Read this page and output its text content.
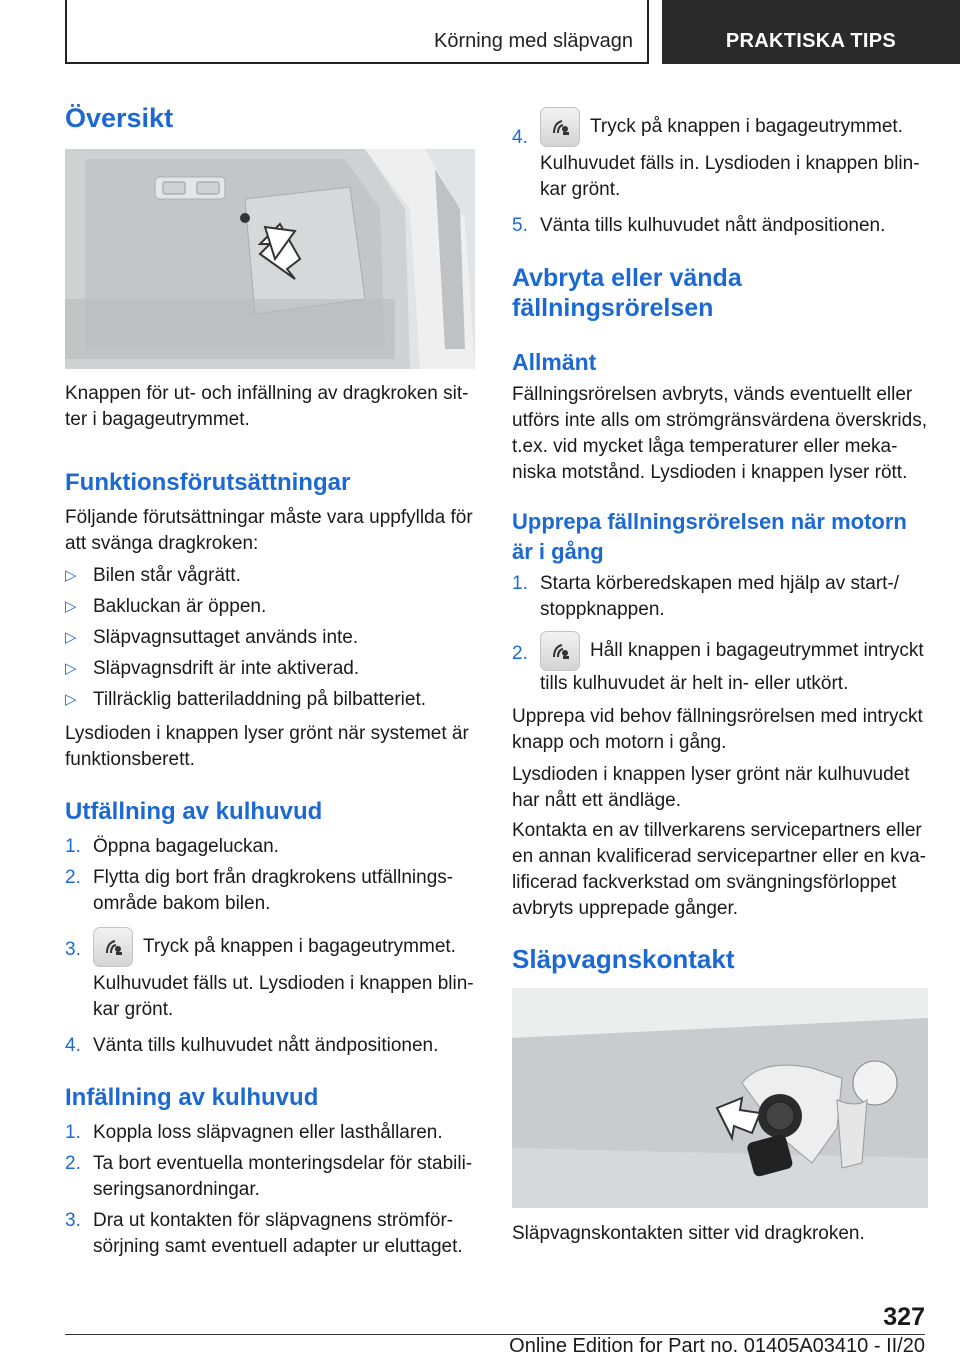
Körning med släpvagn	PRAKTISKA TIPS
Översikt

Knappen för ut- och infällning av dragkroken sit-ter i bagageutrymmet.

Funktionsförutsättningar

Följande förutsättningar måste vara uppfyllda för att svänga dragkroken:

▷ Bilen står vågrätt.
▷ Bakluckan är öppen.
▷ Släpvagnsuttaget används inte.
▷ Släpvagnsdrift är inte aktiverad.
▷ Tillräcklig batteriladdning på bilbatteriet.

Lysdioden i knappen lyser grönt när systemet är funktionsberett.

Utfällning av kulhuvud
1. Öppna bagageluckan.
2. Flytta dig bort från dragkrokens utfällnings-område bakom bilen.
3.	Tryck på knappen i bagageutrymmet.
Kulhuvudet fälls ut. Lysdioden i knappen blin-kar grönt.
4. Vänta tills kulhuvudet nått ändpositionen.
Infällning av kulhuvud
1. Koppla loss släpvagnen eller lasthållaren.
2. Ta bort eventuella monteringsdelar för stabili-seringsanordningar.
3. Dra ut kontakten för släpvagnens strömför-sörjning samt eventuell adapter ur eluttaget.
4.
Tryck på knappen i bagageutrymmet.
Kulhuvudet fälls in. Lysdioden i knappen blin-kar grönt.
5. Vänta tills kulhuvudet nått ändpositionen.
Avbryta eller vända fällningsrörelsen
Allmänt

Fällningsrörelsen avbryts, vänds eventuellt eller utförs inte alls om strömgränsvärdena överskrids, t.ex. vid mycket låga temperaturer eller meka-niska motstånd. Lysdioden i knappen lyser rött.

Upprepa fällningsrörelsen när motorn är i gång
1. Starta körberedskapen med hjälp av start-/ stoppknappen.
2.	Håll knappen i bagageutrymmet intryckt tills kulhuvudet är helt in- eller utkört.

Upprepa vid behov fällningsrörelsen med intryckt knapp och motorn i gång.

Lysdioden i knappen lyser grönt när kulhuvudet har nått ett ändläge.

Kontakta en av tillverkarens servicepartners eller en annan kvalificerad servicepartner eller en kva-lificerad fackverkstad om svängningsförloppet avbryts upprepade gånger.

Släpvagnskontakt

Släpvagnskontakten sitter vid dragkroken.

327
Online Edition for Part no. 01405A03410 - II/20
